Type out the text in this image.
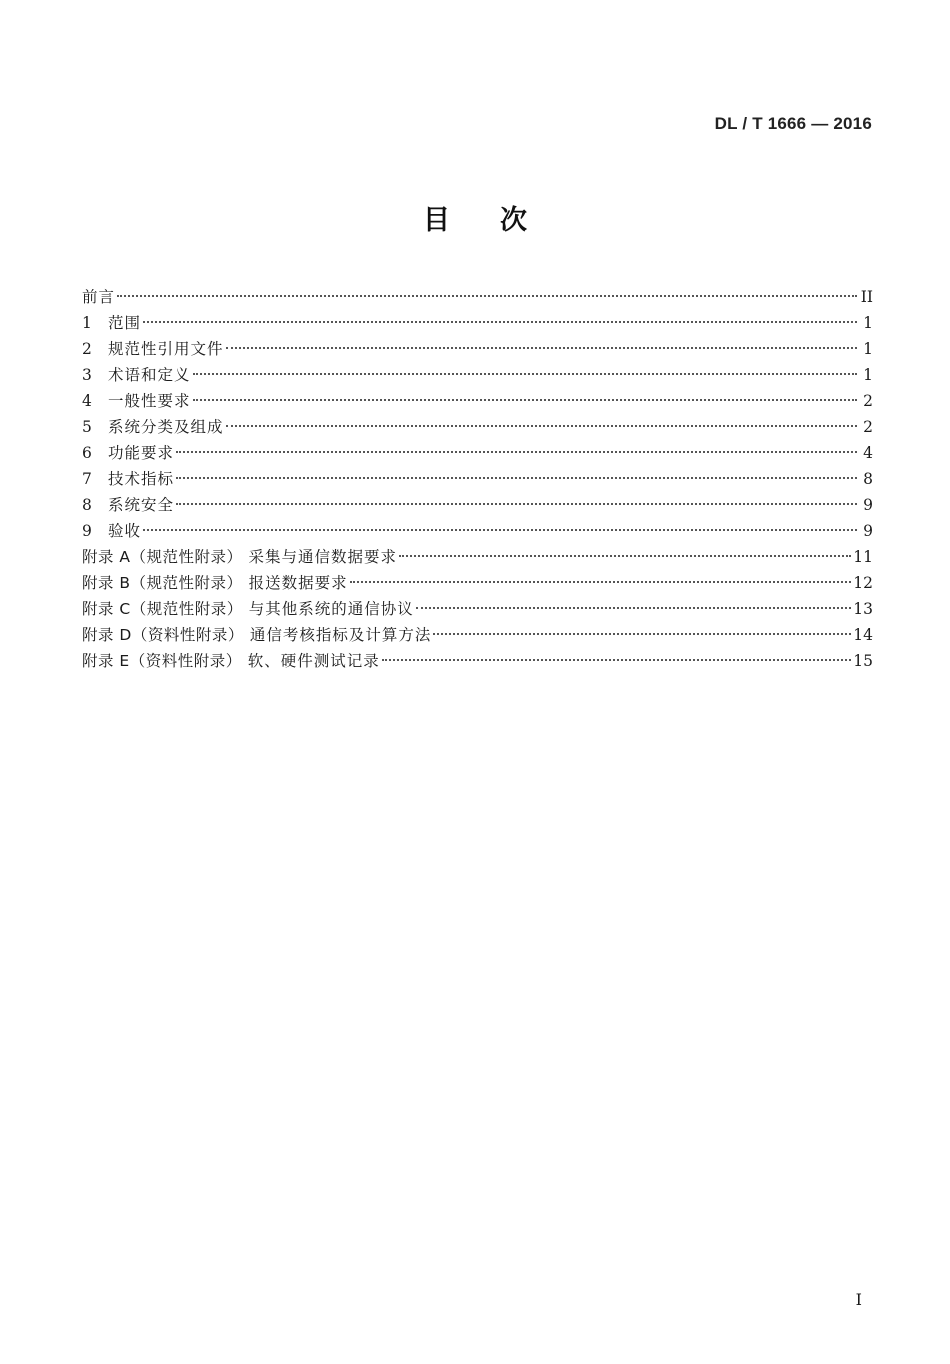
DL / T 1666 — 2016
目次
前言	II
1	范围	1
2	规范性引用文件	1
3	术语和定义	1
4	一般性要求	2
5	系统分类及组成	2
6	功能要求	4
7	技术指标	8
8	系统安全	9
9	验收	9
附录 A（规范性附录） 采集与通信数据要求	11
附录 B（规范性附录） 报送数据要求	12
附录 C（规范性附录） 与其他系统的通信协议	13
附录 D（资料性附录） 通信考核指标及计算方法	14
附录 E（资料性附录） 软、硬件测试记录	15
I
